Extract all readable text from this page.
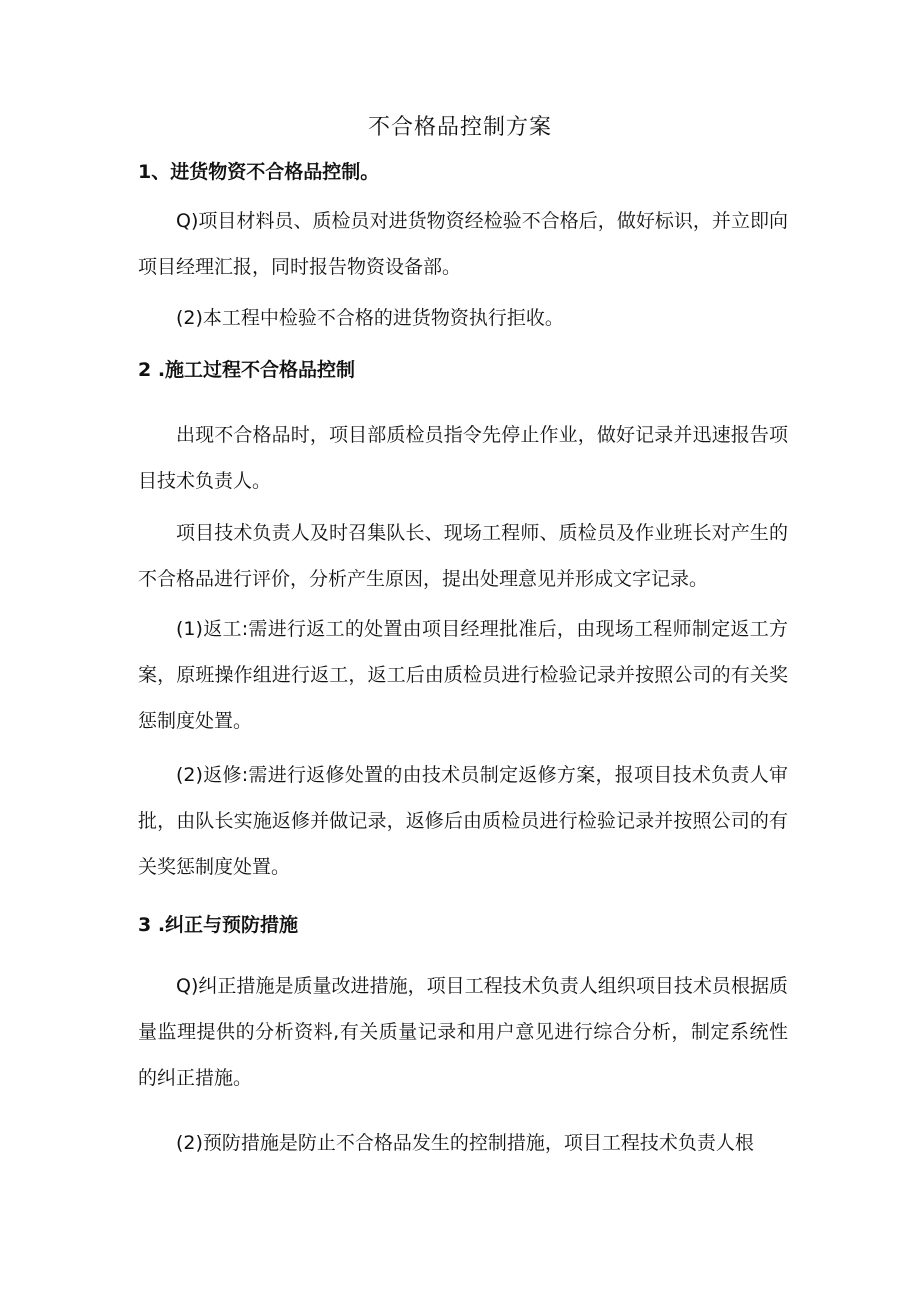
不合格品控制方案
1、进货物资不合格品控制。

Q)项目材料员、质检员对进货物资经检验不合格后，做好标识，并立即向项目经理汇报，同时报告物资设备部。

(2)本工程中检验不合格的进货物资执行拒收。

2 .施工过程不合格品控制

出现不合格品时，项目部质检员指令先停止作业，做好记录并迅速报告项目技术负责人。

项目技术负责人及时召集队长、现场工程师、质检员及作业班长对产生的不合格品进行评价，分析产生原因，提出处理意见并形成文字记录。

(1)返工:需进行返工的处置由项目经理批准后，由现场工程师制定返工方案，原班操作组进行返工，返工后由质检员进行检验记录并按照公司的有关奖惩制度处置。

(2)返修:需进行返修处置的由技术员制定返修方案，报项目技术负责人审批，由队长实施返修并做记录，返修后由质检员进行检验记录并按照公司的有关奖惩制度处置。

3 .纠正与预防措施

Q)纠正措施是质量改进措施，项目工程技术负责人组织项目技术员根据质量监理提供的分析资料,有关质量记录和用户意见进行综合分析，制定系统性的纠正措施。

(2)预防措施是防止不合格品发生的控制措施，项目工程技术负责人根
